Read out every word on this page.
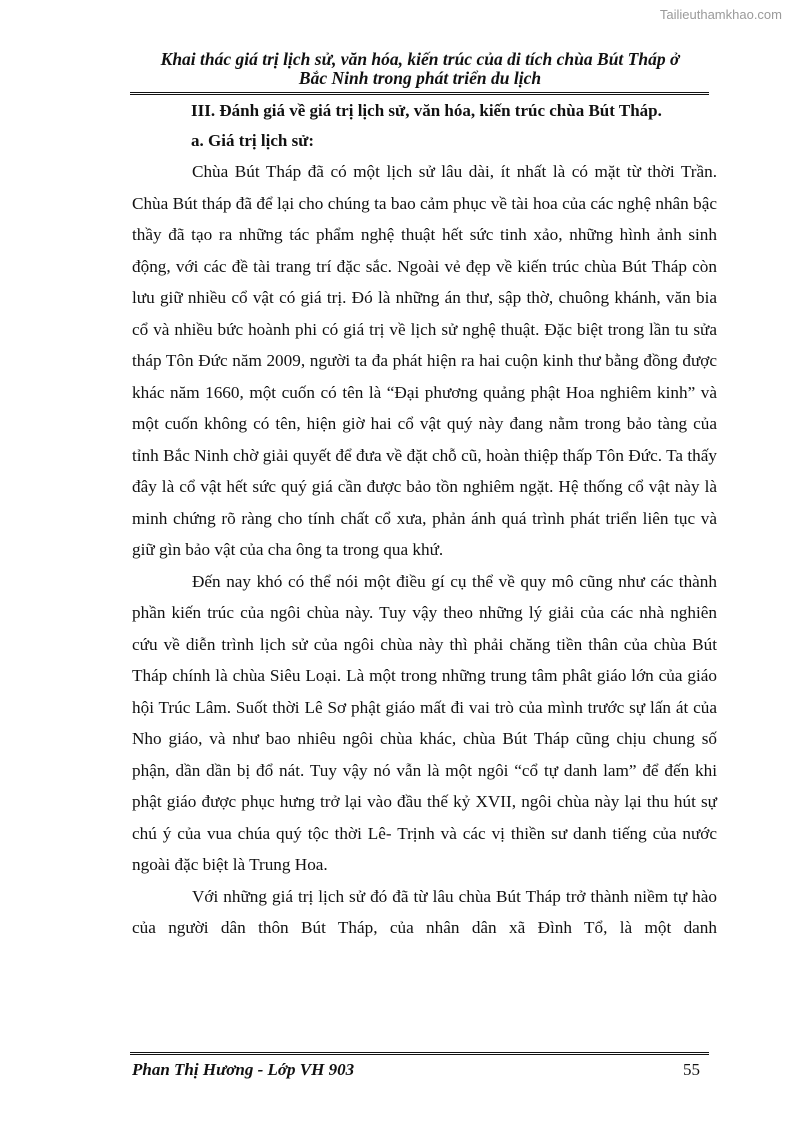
Tailieuthamkhao.com
Khai thác giá trị lịch sử, văn hóa, kiến trúc của di tích chùa Bút Tháp ở
Bắc Ninh trong phát triển du lịch

III. Đánh giá về giá trị lịch sử, văn hóa, kiến trúc chùa Bút Tháp.

a. Giá trị lịch sử:

Chùa Bút Tháp đã có một lịch sử lâu dài, ít nhất là có mặt từ thời Trần. Chùa Bút tháp đã để lại cho chúng ta bao cảm phục về tài hoa của các nghệ nhân bậc thầy đã tạo ra những tác phẩm nghệ thuật hết sức tinh xảo, những hình ảnh sinh động, với các đề tài trang trí đặc sắc. Ngoài vẻ đẹp về kiến trúc chùa Bút Tháp còn lưu giữ nhiều cổ vật có giá trị. Đó là những án thư, sập thờ, chuông khánh, văn bia cổ và nhiều bức hoành phi có giá trị về lịch sử nghệ thuật. Đặc biệt trong lần tu sửa tháp Tôn Đức năm 2009, người ta đa phát hiện ra hai cuộn kinh thư bằng đồng được khác năm 1660, một cuốn có tên là “Đại phương quảng phật Hoa nghiêm kinh” và một cuốn không có tên, hiện giờ hai cổ vật quý này đang nằm trong bảo tàng của tỉnh Bắc Ninh chờ giải quyết để đưa về đặt chỗ cũ, hoàn thiệp thấp Tôn Đức. Ta thấy đây là cổ vật hết sức quý giá cần được bảo tồn nghiêm ngặt. Hệ thống cổ vật này là minh chứng rõ ràng cho tính chất cổ xưa, phản ánh quá trình phát triển liên tục và giữ gìn bảo vật của cha ông ta trong qua khứ.

Đến nay khó có thể nói một điều gí cụ thể về quy mô cũng như các thành phần kiến trúc của ngôi chùa này. Tuy vậy theo những lý giải của các nhà nghiên cứu về diễn trình lịch sử của ngôi chùa này thì phải chăng tiền thân của chùa Bút Tháp chính là chùa Siêu Loại. Là một trong những trung tâm phât giáo lớn của giáo hội Trúc Lâm. Suốt thời Lê Sơ phật giáo mất đi vai trò của mình trước sự lấn át của Nho giáo, và như bao nhiêu ngôi chùa khác, chùa Bút Tháp cũng chịu chung số phận, dần dần bị đổ nát. Tuy vậy nó vẫn là một ngôi “cổ tự danh lam” để đến khi phật giáo được phục hưng trở lại vào đầu thế kỷ XVII, ngôi chùa này lại thu hút sự chú ý của vua chúa quý tộc thời Lê- Trịnh và các vị thiền sư danh tiếng của nước ngoài đặc biệt là Trung Hoa.

Với những giá trị lịch sử đó đã từ lâu chùa Bút Tháp trở thành niềm tự hào của người dân thôn Bút Tháp, của nhân dân xã Đình Tổ, là một danh

Phan Thị Hương - Lớp VH 903	55
